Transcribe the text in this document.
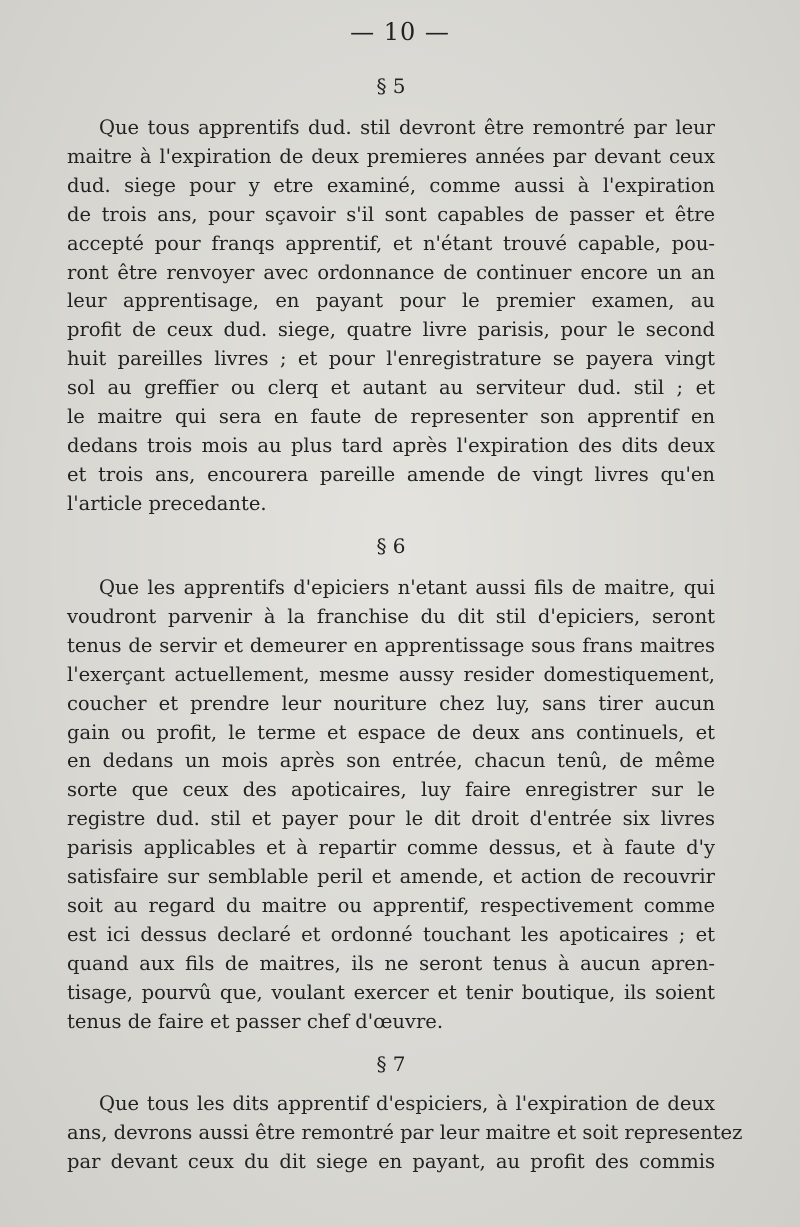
— 10 —
§ 5
Que tous apprentifs dud. stil devront être remontré par leur
maitre à l'expiration de deux premieres années par devant ceux
dud. siege pour y etre examiné, comme aussi à l'expiration
de trois ans, pour sçavoir s'il sont capables de passer et être
accepté pour franqs apprentif, et n'étant trouvé capable, pou-
ront être renvoyer avec ordonnance de continuer encore un an
leur apprentisage, en payant pour le premier examen, au
profit de ceux dud. siege, quatre livre parisis, pour le second
huit pareilles livres ; et pour l'enregistrature se payera vingt
sol au greffier ou clerq et autant au serviteur dud. stil ; et
le maitre qui sera en faute de representer son apprentif en
dedans trois mois au plus tard après l'expiration des dits deux
et trois ans, encourera pareille amende de vingt livres qu'en
l'article precedante.
§ 6
Que les apprentifs d'epiciers n'etant aussi fils de maitre, qui
voudront parvenir à la franchise du dit stil d'epiciers, seront
tenus de servir et demeurer en apprentissage sous frans maitres
l'exerçant actuellement, mesme aussy resider domestiquement,
coucher et prendre leur nouriture chez luy, sans tirer aucun
gain ou profit, le terme et espace de deux ans continuels, et
en dedans un mois après son entrée, chacun tenû, de même
sorte que ceux des apoticaires, luy faire enregistrer sur le
registre dud. stil et payer pour le dit droit d'entrée six livres
parisis applicables et à repartir comme dessus, et à faute d'y
satisfaire sur semblable peril et amende, et action de recouvrir
soit au regard du maitre ou apprentif, respectivement comme
est ici dessus declaré et ordonné touchant les apoticaires ; et
quand aux fils de maitres, ils ne seront tenus à aucun apren-
tisage, pourvû que, voulant exercer et tenir boutique, ils soient
tenus de faire et passer chef d'œuvre.
§ 7
Que tous les dits apprentif d'espiciers, à l'expiration de deux
ans, devrons aussi être remontré par leur maitre et soit representez
par devant ceux du dit siege en payant, au profit des commis
